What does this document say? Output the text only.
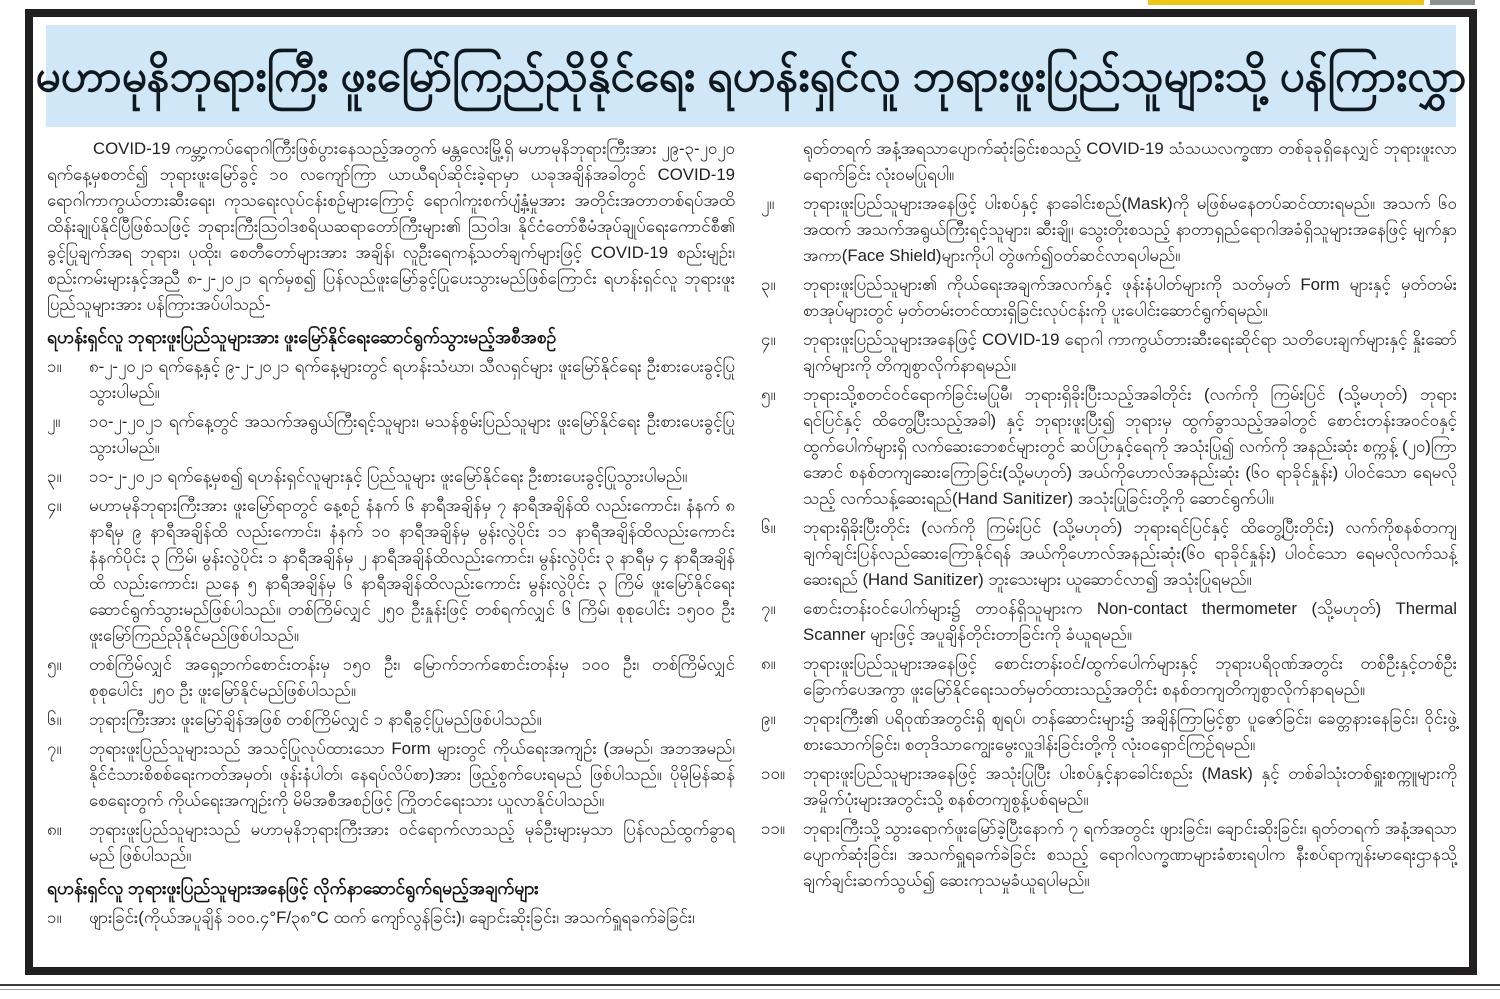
မဟာမုနိဘုရားကြီး ဖူးမြော်ကြည်ညိုနိုင်ရေး ရဟန်းရှင်လူ ဘုရားဖူးပြည်သူများသို့ ပန်ကြားလွှာ

COVID-19 ကမ္ဘာ့ကပ်ရောဂါကြီးဖြစ်ပွားနေသည့်အတွက် မန္တလေးမြို့ရှိ မဟာမုနိဘုရားကြီးအား ၂၉-၃-၂၀၂၀ ရက်နေ့မှစတင်၍ ဘုရားဖူးမြော်ခွင့် ၁၀ လကျော်ကြာ ယာယီရပ်ဆိုင်းခဲ့ရာမှာ ယခုအချိန်အခါတွင် COVID-19 ရောဂါကာကွယ်တားဆီးရေး၊ ကုသရေးလုပ်ငန်းစဉ်များကြောင့် ရောဂါကူးစက်ပျံ့နှံ့မှုအား အတိုင်းအတာတစ်ရပ်အထိ ထိန်းချုပ်နိုင်ပြီဖြစ်သဖြင့် ဘုရားကြီးသြဝါဒစရိယဆရာတော်ကြီးများ၏ သြဝါဒ၊ နိုင်ငံတော်စီမံအုပ်ချုပ်ရေးကောင်စီ၏ ခွင့်ပြုချက်အရ ဘုရား၊ ပုထိုး၊ စေတီတော်များအား အချိန်၊ လူဦးရေကန့်သတ်ချက်များဖြင့် COVID-19 စည်းမျဉ်း၊ စည်းကမ်းများနှင့်အညီ ၈-၂-၂၀၂၁ ရက်မှစ၍ ပြန်လည်ဖူးမြော်ခွင့်ပြုပေးသွားမည်ဖြစ်ကြောင်း ရဟန်းရှင်လူ ဘုရားဖူးပြည်သူများအား ပန်ကြားအပ်ပါသည်-

ရဟန်းရှင်လူ ဘုရားဖူးပြည်သူများအား ဖူးမြော်နိုင်ရေးဆောင်ရွက်သွားမည့်အစီအစဉ်
၁။	၈-၂-၂၀၂၁ ရက်နေ့နှင့် ၉-၂-၂၀၂၁ ရက်နေ့များတွင် ရဟန်းသံဃာ၊ သီလရှင်များ ဖူးမြော်နိုင်ရေး ဦးစားပေးခွင့်ပြုသွားပါမည်။
၂။	၁၀-၂-၂၀၂၁ ရက်နေ့တွင် အသက်အရွယ်ကြီးရင့်သူများ၊ မသန်စွမ်းပြည်သူများ ဖူးမြော်နိုင်ရေး ဦးစားပေးခွင့်ပြုသွားပါမည်။
၃။	၁၁-၂-၂၀၂၁ ရက်နေ့မှစ၍ ရဟန်းရှင်လူများနှင့် ပြည်သူများ ဖူးမြော်နိုင်ရေး ဦးစားပေးခွင့်ပြုသွားပါမည်။
၄။	မဟာမုနိဘုရားကြီးအား ဖူးမြော်ရာတွင် နေ့စဉ် နံနက် ၆ နာရီအချိန်မှ ၇ နာရီအချိန်ထိ လည်းကောင်း၊ နံနက် ၈ နာရီမှ ၉ နာရီအချိန်ထိ လည်းကောင်း၊ နံနက် ၁၀ နာရီအချိန်မှ မွန်းလွဲပိုင်း ၁၁ နာရီအချိန်ထိလည်းကောင်း နံနက်ပိုင်း ၃ ကြိမ်၊ မွန်းလွဲပိုင်း ၁ နာရီအချိန်မှ ၂ နာရီအချိန်ထိလည်းကောင်း၊ မွန်းလွဲပိုင်း ၃ နာရီမှ ၄ နာရီအချိန်ထိ လည်းကောင်း၊ ညနေ ၅ နာရီအချိန်မှ ၆ နာရီအချိန်ထိလည်းကောင်း မွန်းလွဲပိုင်း ၃ ကြိမ် ဖူးမြော်နိုင်ရေး ဆောင်ရွက်သွားမည်ဖြစ်ပါသည်။ တစ်ကြိမ်လျှင် ၂၅၀ ဦးနှုန်းဖြင့် တစ်ရက်လျှင် ၆ ကြိမ်၊ စုစုပေါင်း ၁၅၀၀ ဦး ဖူးမြော်ကြည်ညိုနိုင်မည်ဖြစ်ပါသည်။
၅။	တစ်ကြိမ်လျှင် အရှေ့ဘက်စောင်းတန်းမှ ၁၅၀ ဦး၊ မြောက်ဘက်စောင်းတန်းမှ ၁၀၀ ဦး၊ တစ်ကြိမ်လျှင် စုစုပေါင်း ၂၅၀ ဦး ဖူးမြော်နိုင်မည်ဖြစ်ပါသည်။
၆။	ဘုရားကြီးအား ဖူးမြော်ချိန်အဖြစ် တစ်ကြိမ်လျှင် ၁ နာရီခွင့်ပြုမည်ဖြစ်ပါသည်။
၇။	ဘုရားဖူးပြည်သူများသည် အသင့်ပြုလုပ်ထားသော Form များတွင် ကိုယ်ရေးအကျဉ်း (အမည်၊ အဘအမည်၊ နိုင်ငံသားစိစစ်ရေးကတ်အမှတ်၊ ဖုန်းနံပါတ်၊ နေရပ်လိပ်စာ)အား ဖြည့်စွက်ပေးရမည် ဖြစ်ပါသည်။ ပိုမိုမြန်ဆန်စေရေးတွက် ကိုယ်ရေးအကျဉ်းကို မိမိအစီအစဉ်ဖြင့် ကြိုတင်ရေးသား ယူလာနိုင်ပါသည်။
၈။	ဘုရားဖူးပြည်သူများသည် မဟာမုနိဘုရားကြီးအား ဝင်ရောက်လာသည့် မုခ်ဦးများမှသာ ပြန်လည်ထွက်ခွာရမည် ဖြစ်ပါသည်။
ရဟန်းရှင်လူ ဘုရားဖူးပြည်သူများအနေဖြင့် လိုက်နာဆောင်ရွက်ရမည့်အချက်များ
၁။	ဖျားခြင်း(ကိုယ်အပူချိန် ၁၀၀.၄°F/၃၈°C ထက် ကျော်လွန်ခြင်း)၊ ချောင်းဆိုးခြင်း၊ အသက်ရှူရခက်ခဲခြင်း၊

ရုတ်တရက် အနံ့အရသာပျောက်ဆုံးခြင်းစသည့် COVID-19 သံသယလက္ခဏာ တစ်ခုခုရှိနေလျှင် ဘုရားဖူးလာရောက်ခြင်း လုံးဝမပြုရပါ။

၂။	ဘုရားဖူးပြည်သူများအနေဖြင့် ပါးစပ်နှင့် နာခေါင်းစည်(Mask)ကို မဖြစ်မနေတပ်ဆင်ထားရမည်။ အသက် ၆၀ အထက် အသက်အရွယ်ကြီးရင့်သူများ၊ ဆီးချို၊ သွေးတိုးစသည့် နာတာရှည်ရောဂါအခံရှိသူများအနေဖြင့် မျက်နှာအကာ(Face Shield)များကိုပါ တွဲဖက်၍ဝတ်ဆင်လာရပါမည်။
၃။	ဘုရားဖူးပြည်သူများ၏ ကိုယ်ရေးအချက်အလက်နှင့် ဖုန်းနံပါတ်များကို သတ်မှတ် Form များနှင့် မှတ်တမ်းစာအုပ်များတွင် မှတ်တမ်းတင်ထားရှိခြင်းလုပ်ငန်းကို ပူးပေါင်းဆောင်ရွက်ရမည်။
၄။	ဘုရားဖူးပြည်သူများအနေဖြင့် COVID-19 ရောဂါ ကာကွယ်တားဆီးရေးဆိုင်ရာ သတိပေးချက်များနှင့် နှိုးဆော်ချက်များကို တိကျစွာလိုက်နာရမည်။
၅။	ဘုရားသို့စတင်ဝင်ရောက်ခြင်းမပြုမီ၊ ဘုရားရှိခိုးပြီးသည့်အခါတိုင်း (လက်ကို ကြမ်းပြင် (သို့မဟုတ်) ဘုရားရင်ပြင်နှင့် ထိတွေ့ပြီးသည့်အခါ) နှင့် ဘုရားဖူးပြီး၍ ဘုရားမှ ထွက်ခွာသည့်အခါတွင် စောင်းတန်းအဝင်ဝနှင့် ထွက်ပေါက်များရှိ လက်ဆေးဘေစင်များတွင် ဆပ်ပြာနှင့်ရေကို အသုံးပြု၍ လက်ကို အနည်းဆုံး စက္ကန့် (၂၀)ကြာအောင် စနစ်တကျဆေးကြောခြင်း(သို့မဟုတ်) အယ်ကိုဟောလ်အနည်းဆုံး (၆၀ ရာခိုင်နှုန်း) ပါဝင်သော ရေမလိုသည့် လက်သန့်ဆေးရည်(Hand Sanitizer) အသုံးပြုခြင်းတို့ကို ဆောင်ရွက်ပါ။
၆။	ဘုရားရှိခိုးပြီးတိုင်း (လက်ကို ကြမ်းပြင် (သို့မဟုတ်) ဘုရားရင်ပြင်နှင့် ထိတွေ့ပြီးတိုင်း) လက်ကိုစနစ်တကျ ချက်ချင်းပြန်လည်ဆေးကြောနိုင်ရန် အယ်ကိုဟောလ်အနည်းဆုံး(၆၀ ရာခိုင်နှုန်း) ပါဝင်သော ရေမလိုလက်သန့်ဆေးရည် (Hand Sanitizer) ဘူးသေးများ ယူဆောင်လာ၍ အသုံးပြုရမည်။
၇။	စောင်းတန်းဝင်ပေါက်များ၌ တာဝန်ရှိသူများက Non-contact thermometer (သို့မဟုတ်) Thermal Scanner များဖြင့် အပူချိန်တိုင်းတာခြင်းကို ခံယူရမည်။
၈။	ဘုရားဖူးပြည်သူများအနေဖြင့် စောင်းတန်းဝင်/ထွက်ပေါက်များနှင့် ဘုရားပရိဝုဏ်အတွင်း တစ်ဦးနှင့်တစ်ဦး ခြောက်ပေအကွာ ဖူးမြော်နိုင်ရေးသတ်မှတ်ထားသည့်အတိုင်း စနစ်တကျတိကျစွာလိုက်နာရမည်။
၉။	ဘုရားကြီး၏ ပရိဝုဏ်အတွင်းရှိ ဈရပ်၊ တန်ဆောင်းများ၌ အချိန်ကြာမြင့်စွာ ပူဇော်ခြင်း၊ ခေတ္တနားနေခြင်း၊ ဝိုင်းဖွဲ့စားသောက်ခြင်း၊ စတုဒိသာကျွေးမွေးလှူဒါန်းခြင်းတို့ကို လုံးဝရှောင်ကြဉ်ရမည်။
၁၀။	ဘုရားဖူးပြည်သူများအနေဖြင့် အသုံးပြုပြီး ပါးစပ်နှင့်နာခေါင်းစည်း (Mask) နှင့် တစ်ခါသုံးတစ်ရှူးစက္ကူများကို အမှိုက်ပုံးများအတွင်းသို့ စနစ်တကျစွန့်ပစ်ရမည်။
၁၁။	ဘုရားကြီးသို့ သွားရောက်ဖူးမြော်ခဲ့ပြီးနောက် ၇ ရက်အတွင်း ဖျားခြင်း၊ ချောင်းဆိုးခြင်း၊ ရုတ်တရက် အနံ့အရသာ ပျောက်ဆုံးခြင်း၊ အသက်ရှူရခက်ခဲခြင်း စသည့် ရောဂါလက္ခဏာများခံစားရပါက နီးစပ်ရာကျန်းမာရေးဌာနသို့ ချက်ချင်းဆက်သွယ်၍ ဆေးကုသမှုခံယူရပါမည်။
